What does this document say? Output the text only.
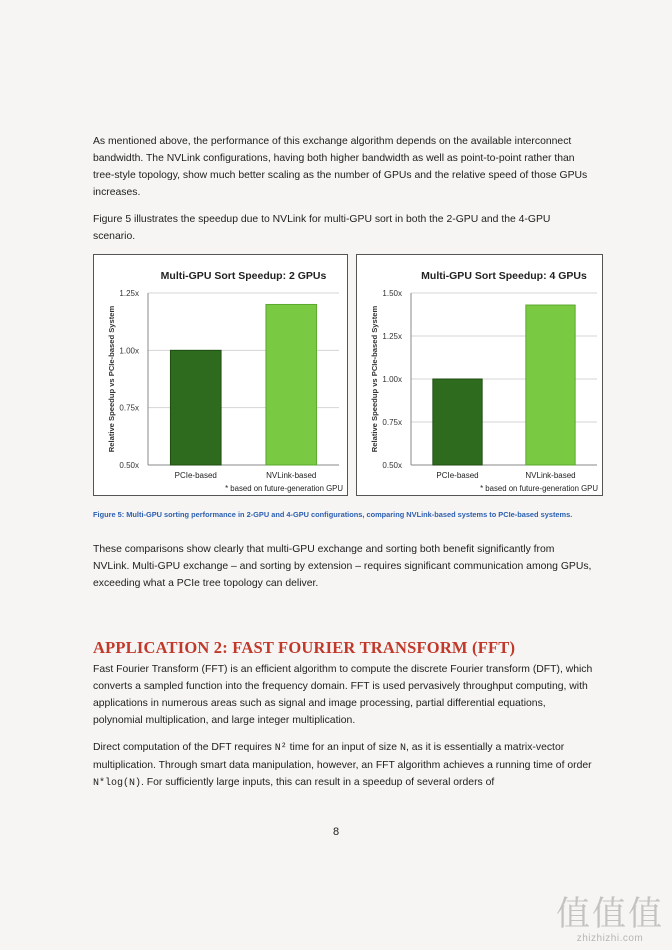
As mentioned above, the performance of this exchange algorithm depends on the available interconnect bandwidth. The NVLink configurations, having both higher bandwidth as well as point-to-point rather than tree-style topology, show much better scaling as the number of GPUs and the relative speed of those GPUs increases.

Figure 5 illustrates the speedup due to NVLink for multi-GPU sort in both the 2-GPU and the 4-GPU scenario.

Multi-GPU Sort Speedup: 2 GPUs
0.50x
0.75x
1.00x
1.25x
Relative Speedup vs PCIe-based System
PCIe-based	NVLink-based
* based on future-generation GPU
Multi-GPU Sort Speedup: 4 GPUs
0.50x
0.75x
1.00x
1.25x
1.50x
Relative Speedup vs PCIe-based System
PCIe-based	NVLink-based
* based on future-generation GPU

Figure 5: Multi-GPU sorting performance in 2-GPU and 4-GPU configurations, comparing NVLink-based systems to PCIe-based systems.

These comparisons show clearly that multi-GPU exchange and sorting both benefit significantly from NVLink. Multi-GPU exchange – and sorting by extension – requires significant communication among GPUs, exceeding what a PCIe tree topology can deliver.

APPLICATION 2: FAST FOURIER TRANSFORM (FFT)

Fast Fourier Transform (FFT) is an efficient algorithm to compute the discrete Fourier transform (DFT), which converts a sampled function into the frequency domain. FFT is used pervasively throughput computing, with applications in numerous areas such as signal and image processing, partial differential equations, polynomial multiplication, and large integer multiplication.

Direct computation of the DFT requires N² time for an input of size N, as it is essentially a matrix-vector multiplication. Through smart data manipulation, however, an FFT algorithm achieves a running time of order N*log(N). For sufficiently large inputs, this can result in a speedup of several orders of

8
值值值
zhizhizhi.com
